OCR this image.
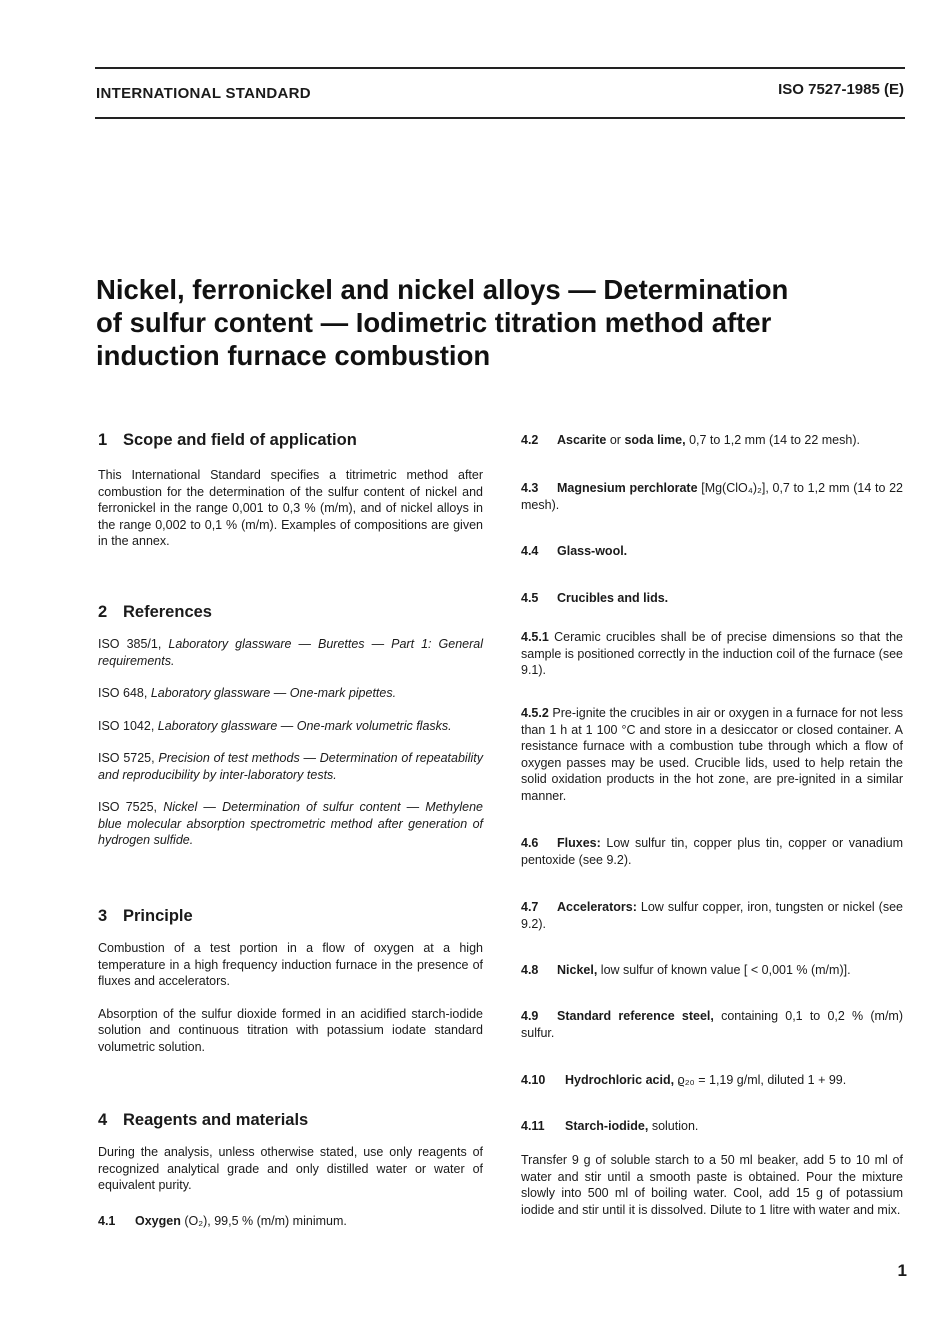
INTERNATIONAL STANDARD	ISO 7527-1985 (E)
Nickel, ferronickel and nickel alloys — Determination
of sulfur content — Iodimetric titration method after
induction furnace combustion
1 Scope and field of application

This International Standard specifies a titrimetric method after combustion for the determination of the sulfur content of nickel and ferronickel in the range 0,001 to 0,3 % (m/m), and of nickel alloys in the range 0,002 to 0,1 % (m/m). Examples of compositions are given in the annex.

2 References

ISO 385/1, Laboratory glassware — Burettes — Part 1: General requirements.

ISO 648, Laboratory glassware — One-mark pipettes.

ISO 1042, Laboratory glassware — One-mark volumetric flasks.

ISO 5725, Precision of test methods — Determination of repeatability and reproducibility by inter-laboratory tests.

ISO 7525, Nickel — Determination of sulfur content — Methylene blue molecular absorption spectrometric method after generation of hydrogen sulfide.

3 Principle

Combustion of a test portion in a flow of oxygen at a high temperature in a high frequency induction furnace in the presence of fluxes and accelerators.

Absorption of the sulfur dioxide formed in an acidified starch-iodide solution and continuous titration with potassium iodate standard volumetric solution.

4 Reagents and materials

During the analysis, unless otherwise stated, use only reagents of recognized analytical grade and only distilled water or water of equivalent purity.

4.1 Oxygen (O₂), 99,5 % (m/m) minimum.

4.2 Ascarite or soda lime, 0,7 to 1,2 mm (14 to 22 mesh).

4.3 Magnesium perchlorate [Mg(ClO₄)₂], 0,7 to 1,2 mm (14 to 22 mesh).

4.4 Glass-wool.

4.5 Crucibles and lids.

4.5.1 Ceramic crucibles shall be of precise dimensions so that the sample is positioned correctly in the induction coil of the furnace (see 9.1).

4.5.2 Pre-ignite the crucibles in air or oxygen in a furnace for not less than 1 h at 1 100 °C and store in a desiccator or closed container. A resistance furnace with a combustion tube through which a flow of oxygen passes may be used. Crucible lids, used to help retain the solid oxidation products in the hot zone, are pre-ignited in a similar manner.

4.6 Fluxes: Low sulfur tin, copper plus tin, copper or vanadium pentoxide (see 9.2).

4.7 Accelerators: Low sulfur copper, iron, tungsten or nickel (see 9.2).

4.8 Nickel, low sulfur of known value [ < 0,001 % (m/m)].

4.9 Standard reference steel, containing 0,1 to 0,2 % (m/m) sulfur.

4.10 Hydrochloric acid, ϱ₂₀ = 1,19 g/ml, diluted 1 + 99.

4.11 Starch-iodide, solution.

Transfer 9 g of soluble starch to a 50 ml beaker, add 5 to 10 ml of water and stir until a smooth paste is obtained. Pour the mixture slowly into 500 ml of boiling water. Cool, add 15 g of potassium iodide and stir until it is dissolved. Dilute to 1 litre with water and mix.

1
